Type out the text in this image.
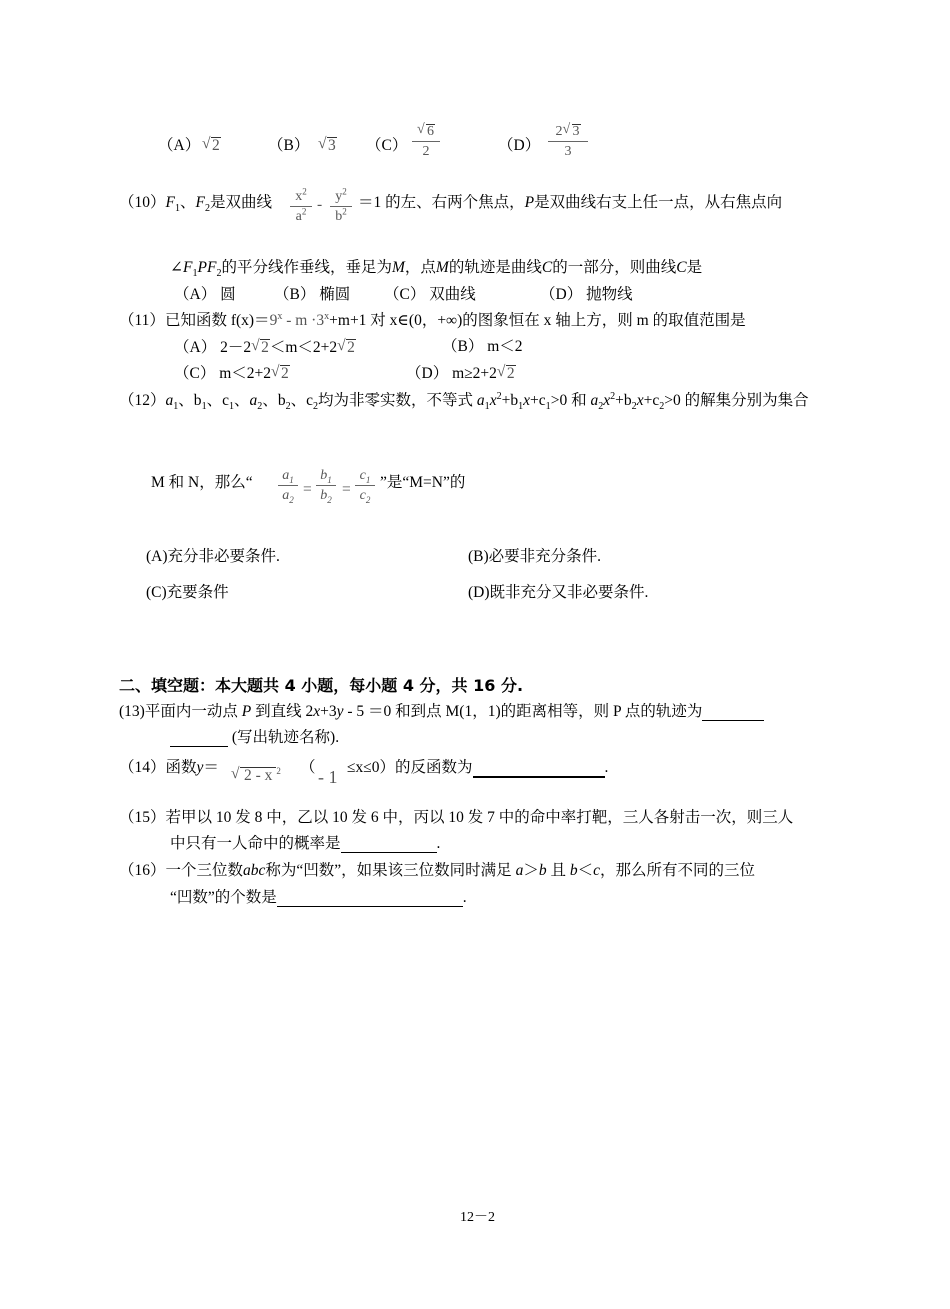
（A） √ 2	（B）	√ 3 （C） √ $\frac{6}{2}$	$(D) \frac{2 √ 3}{3}$
$(10)F_1$、$F_2$是双曲线 $\frac{x^2}{a^2} - \frac{y^2}{b^2} =1$ 的左、右两个焦点，P是双曲线右支上任一点，从右焦点向
$\angle F_1PF_2$的平分线作垂线，垂足为M，点M的轨迹是曲线C的一部分，则曲线C是
（A） 圆 （B） 椭圆 （C） 双曲线	（D） 抛物线
（11）已知函数 $f(x)=9^x - m \cdot 3^x+m+1$ 对 x∈(0，+∞)的图象恒在 x 轴上方，则 m 的取值范围是
（A） 2－2 √ 2＜m＜2+2 √ 2	（B） m＜2
（C） m＜2+2 √ 2	（D） m≥2+2 √ 2
$(12)a_1$、$b_1$、$c_1$、$a_2$、$b_2$、$c_2$均为非零实数，不等式 $a_1x^2+b_1x+c_1>0$ 和 $a_2x^2+b_2x+c_2>0$ 的解集分别为集合
M 和 N，那么“ $\frac{a_1}{a_2} = \frac{b_1}{b_2} = \frac{c_1}{c_2}$ ”是“M=N”的
(A)充分非必要条件.	(B)必要非充分条件.
(C)充要条件	(D)既非充分又非必要条件.
二、填空题：本大题共 4 小题，每小题 4 分，共 16 分.
(13)平面内一动点 P 到直线 2x+3y - 5 ＝0 和到点 M(1，1)的距离相等，则 P 点的轨迹为
(写出轨迹名称).
（14）函数y＝	√ 2 - x $^2$ （ - 1 ≤x≤0）的反函数为	.
（15）若甲以 10 发 8 中，乙以 10 发 6 中，丙以 10 发 7 中的命中率打靶，三人各射击一次，则三人
中只有一人命中的概率是	.
（16）一个三位数abc称为“凹数”，如果该三位数同时满足 a＞b 且 b＜c，那么所有不同的三位
“凹数”的个数是	.
12－2
